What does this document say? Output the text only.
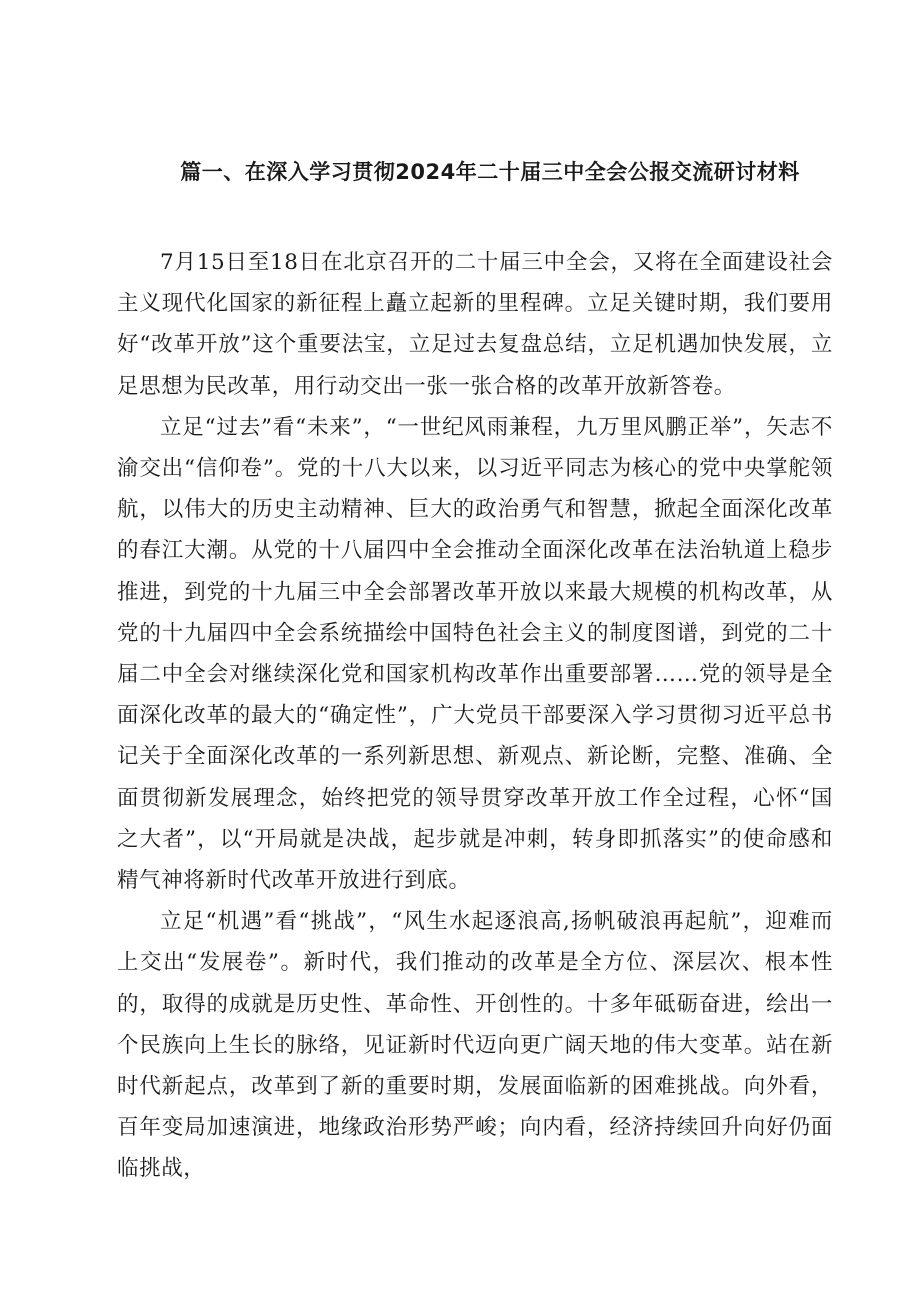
篇一、在深入学习贯彻2024年二十届三中全会公报交流研讨材料

7月15日至18日在北京召开的二十届三中全会，又将在全面建设社会主义现代化国家的新征程上矗立起新的里程碑。立足关键时期，我们要用好“改革开放”这个重要法宝，立足过去复盘总结，立足机遇加快发展，立足思想为民改革，用行动交出一张一张合格的改革开放新答卷。

立足“过去”看“未来”，“一世纪风雨兼程，九万里风鹏正举”，矢志不渝交出“信仰卷”。党的十八大以来，以习近平同志为核心的党中央掌舵领航，以伟大的历史主动精神、巨大的政治勇气和智慧，掀起全面深化改革的春江大潮。从党的十八届四中全会推动全面深化改革在法治轨道上稳步推进，到党的十九届三中全会部署改革开放以来最大规模的机构改革，从党的十九届四中全会系统描绘中国特色社会主义的制度图谱，到党的二十届二中全会对继续深化党和国家机构改革作出重要部署……党的领导是全面深化改革的最大的“确定性”，广大党员干部要深入学习贯彻习近平总书记关于全面深化改革的一系列新思想、新观点、新论断，完整、准确、全面贯彻新发展理念，始终把党的领导贯穿改革开放工作全过程，心怀“国之大者”，以“开局就是决战，起步就是冲刺，转身即抓落实”的使命感和精气神将新时代改革开放进行到底。

立足“机遇”看“挑战”，“风生水起逐浪高,扬帆破浪再起航”，迎难而上交出“发展卷”。新时代，我们推动的改革是全方位、深层次、根本性的，取得的成就是历史性、革命性、开创性的。十多年砥砺奋进，绘出一个民族向上生长的脉络，见证新时代迈向更广阔天地的伟大变革。站在新时代新起点，改革到了新的重要时期，发展面临新的困难挑战。向外看，百年变局加速演进，地缘政治形势严峻；向内看，经济持续回升向好仍面临挑战，
